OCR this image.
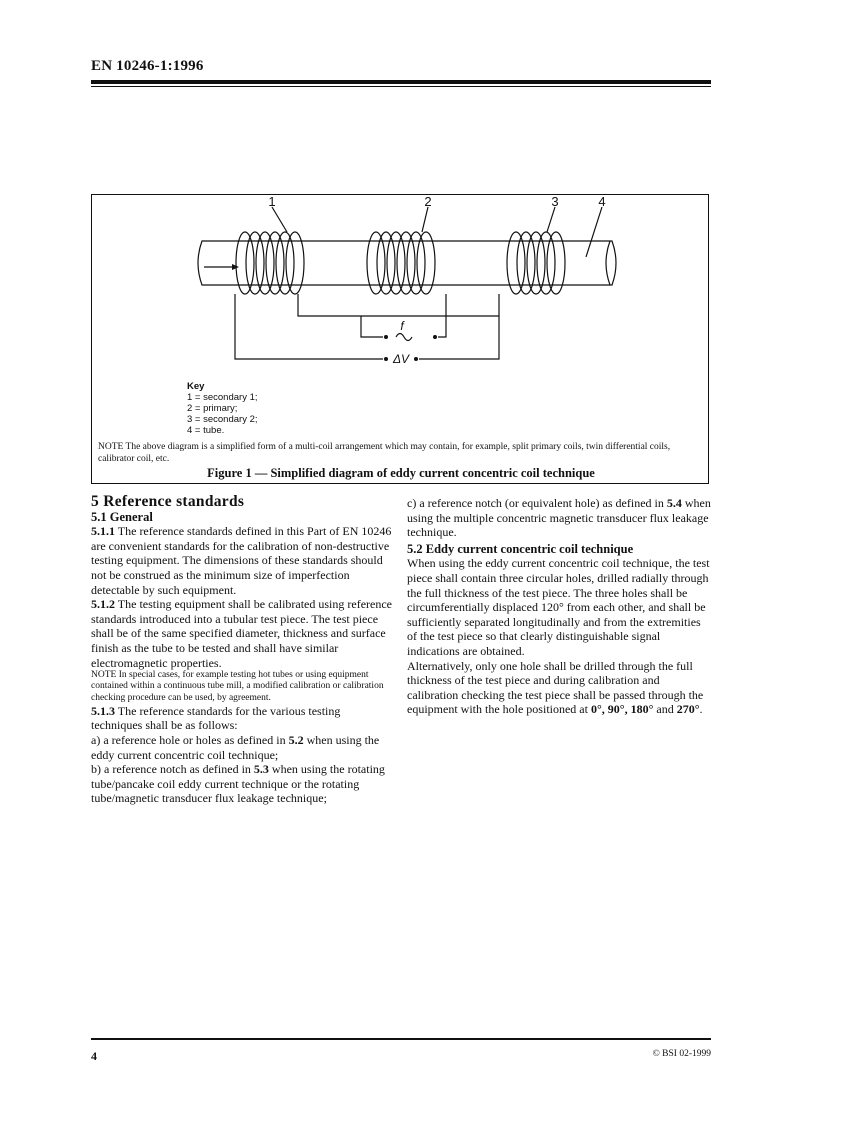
EN 10246-1:1996
1	2	3	4
f
ΔV
Key
1 = secondary 1;
2 = primary;
3 = secondary 2;
4 = tube.
NOTE The above diagram is a simplified form of a multi-coil arrangement which may contain, for example, split primary coils, twin differential coils, calibrator coil, etc.
Figure 1 — Simplified diagram of eddy current concentric coil technique

5 Reference standards

5.1 General

5.1.1 The reference standards defined in this Part of EN 10246 are convenient standards for the calibration of non-destructive testing equipment. The dimensions of these standards should not be construed as the minimum size of imperfection detectable by such equipment.

5.1.2 The testing equipment shall be calibrated using reference standards introduced into a tubular test piece. The test piece shall be of the same specified diameter, thickness and surface finish as the tube to be tested and shall have similar electromagnetic properties.

NOTE In special cases, for example testing hot tubes or using equipment contained within a continuous tube mill, a modified calibration or calibration checking procedure can be used, by agreement.

5.1.3 The reference standards for the various testing techniques shall be as follows:

a) a reference hole or holes as defined in 5.2 when using the eddy current concentric coil technique;

b) a reference notch as defined in 5.3 when using the rotating tube/pancake coil eddy current technique or the rotating tube/magnetic transducer flux leakage technique;

c) a reference notch (or equivalent hole) as defined in 5.4 when using the multiple concentric magnetic transducer flux leakage technique.

5.2 Eddy current concentric coil technique

When using the eddy current concentric coil technique, the test piece shall contain three circular holes, drilled radially through the full thickness of the test piece. The three holes shall be circumferentially displaced 120° from each other, and shall be sufficiently separated longitudinally and from the extremities of the test piece so that clearly distinguishable signal indications are obtained.

Alternatively, only one hole shall be drilled through the full thickness of the test piece and during calibration and calibration checking the test piece shall be passed through the equipment with the hole positioned at 0°, 90°, 180° and 270°.

4	© BSI 02-1999
